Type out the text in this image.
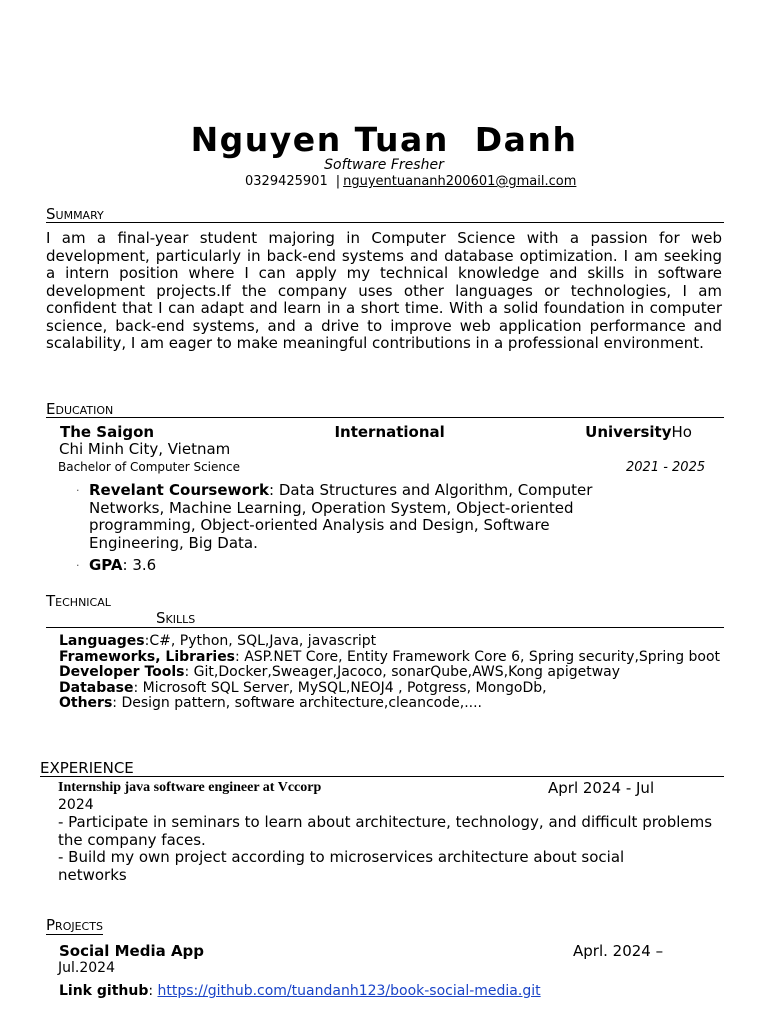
Nguyen Tuan  Danh
Software Fresher
0329425901 | nguyentuananh200601@gmail.com
Summary
I am a final-year student majoring in Computer Science with a passion for web development, particularly in back-end systems and database optimization. I am seeking a intern position where I can apply my technical knowledge and skills in software development projects.If the company uses other languages or technologies, I am confident that I can adapt and learn in a short time. With a solid foundation in computer science, back-end systems, and a drive to improve web application performance and scalability, I am eager to make meaningful contributions in a professional environment.
Education
The Saigon	International	UniversityHo
Chi Minh City, Vietnam
Bachelor of Computer Science	2021 - 2025
· Revelant Coursework: Data Structures and Algorithm, Computer Networks, Machine Learning, Operation System, Object-oriented programming, Object-oriented Analysis and Design, Software Engineering, Big Data.
· GPA: 3.6
Technical
Skills
Languages:C#, Python, SQL,Java, javascript
Frameworks, Libraries: ASP.NET Core, Entity Framework Core 6, Spring security,Spring boot
Developer Tools: Git,Docker,Sweager,Jacoco, sonarQube,AWS,Kong apigetway
Database: Microsoft SQL Server, MySQL,NEOJ4 , Potgress, MongoDb,
Others: Design pattern, software architecture,cleancode,....
EXPERIENCE
Internship java software engineer at Vccorp	Aprl 2024 - Jul
2024
- Participate in seminars to learn about architecture, technology, and difficult problems the company faces.
- Build my own project according to microservices architecture about social networks
Projects
Social Media App	Aprl. 2024 –
Jul.2024
Link github: https://github.com/tuandanh123/book-social-media.git
